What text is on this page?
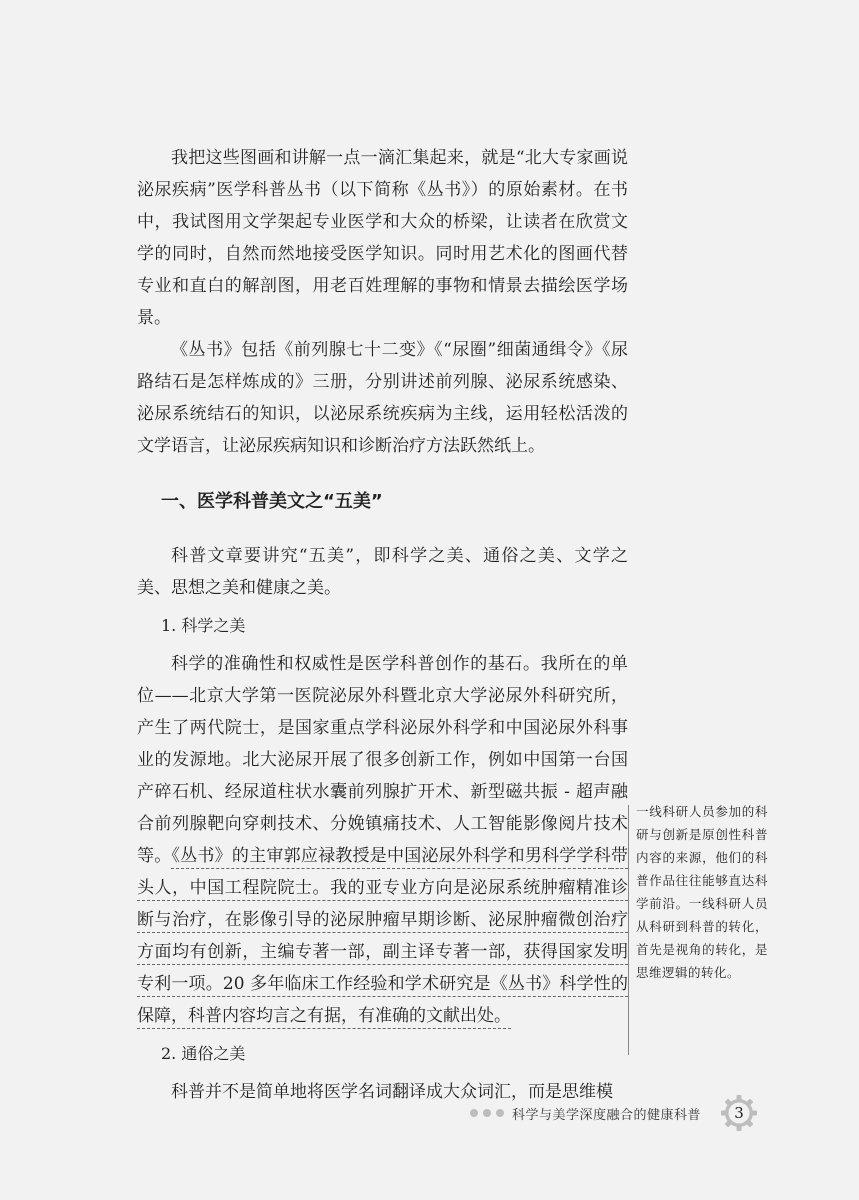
我把这些图画和讲解一点一滴汇集起来，就是“北大专家画说泌尿疾病”医学科普丛书（以下简称《丛书》）的原始素材。在书中，我试图用文学架起专业医学和大众的桥梁，让读者在欣赏文学的同时，自然而然地接受医学知识。同时用艺术化的图画代替专业和直白的解剖图，用老百姓理解的事物和情景去描绘医学场景。

《丛书》包括《前列腺七十二变》《“尿圈”细菌通缉令》《尿路结石是怎样炼成的》三册，分别讲述前列腺、泌尿系统感染、泌尿系统结石的知识，以泌尿系统疾病为主线，运用轻松活泼的文学语言，让泌尿疾病知识和诊断治疗方法跃然纸上。

一、医学科普美文之“五美”

科普文章要讲究“五美”，即科学之美、通俗之美、文学之美、思想之美和健康之美。

1. 科学之美

科学的准确性和权威性是医学科普创作的基石。我所在的单位——北京大学第一医院泌尿外科暨北京大学泌尿外科研究所，产生了两代院士，是国家重点学科泌尿外科学和中国泌尿外科事业的发源地。北大泌尿开展了很多创新工作，例如中国第一台国产碎石机、经尿道柱状水囊前列腺扩开术、新型磁共振 - 超声融合前列腺靶向穿刺技术、分娩镇痛技术、人工智能影像阅片技术等。《丛书》的主审郭应禄教授是中国泌尿外科学和男科学学科带头人，中国工程院院士。我的亚专业方向是泌尿系统肿瘤精准诊断与治疗，在影像引导的泌尿肿瘤早期诊断、泌尿肿瘤微创治疗方面均有创新，主编专著一部，副主译专著一部，获得国家发明专利一项。20 多年临床工作经验和学术研究是《丛书》科学性的保障，科普内容均言之有据，有准确的文献出处。

2. 通俗之美

科普并不是简单地将医学名词翻译成大众词汇，而是思维模

一线科研人员参加的科研与创新是原创性科普内容的来源，他们的科普作品往往能够直达科学前沿。一线科研人员从科研到科普的转化，首先是视角的转化，是思维逻辑的转化。
科学与美学深度融合的健康科普	3
